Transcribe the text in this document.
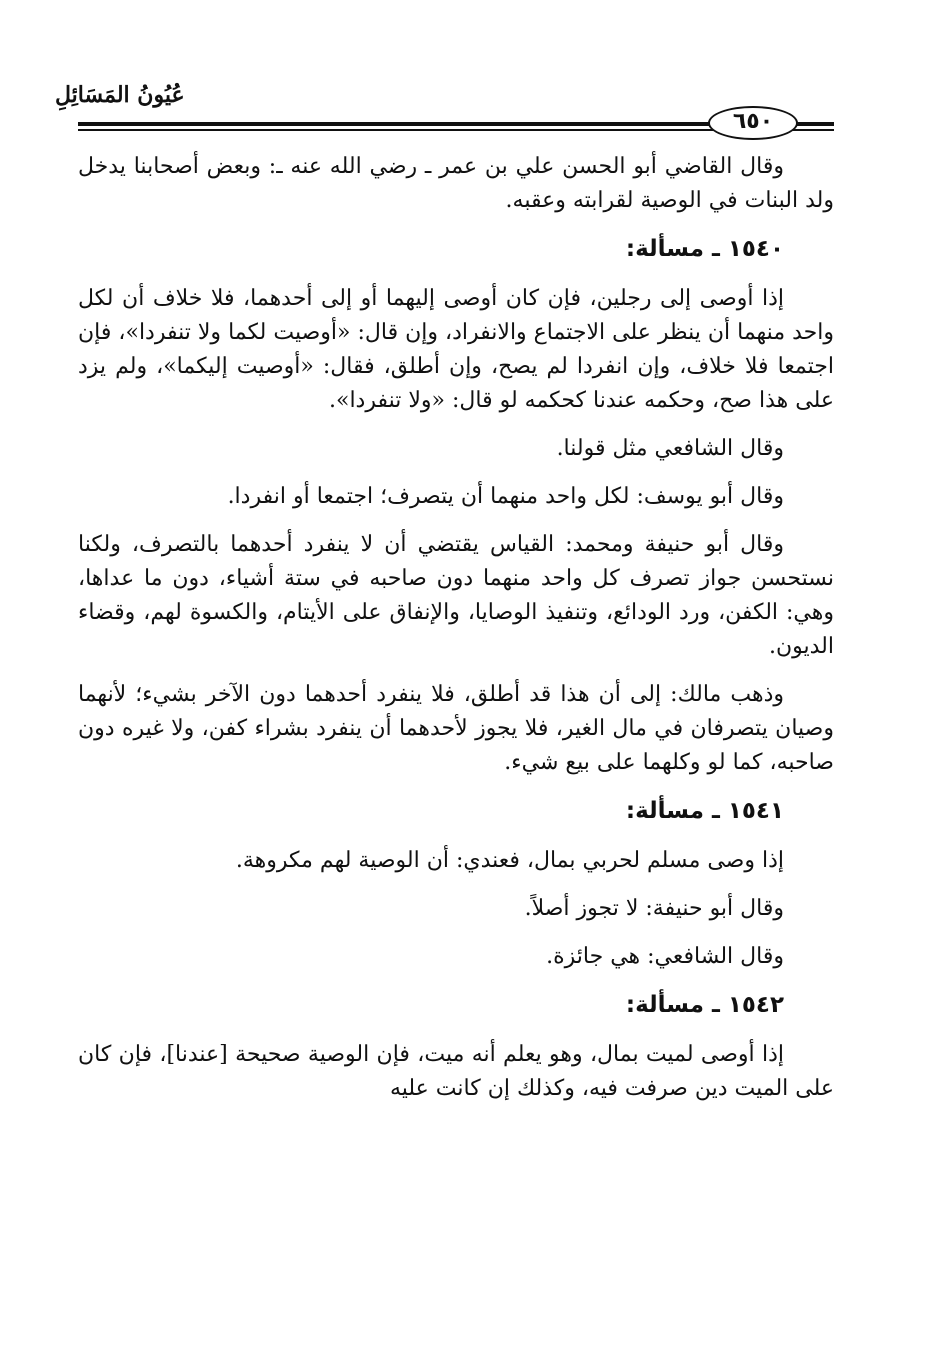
عُيُونُ المَسَائِلِ
٦٥٠

وقال القاضي أبو الحسن علي بن عمر ـ رضي الله عنه ـ: وبعض أصحابنا يدخل ولد البنات في الوصية لقرابته وعقبه.

١٥٤٠ ـ مسألة:

إذا أوصى إلى رجلين، فإن كان أوصى إليهما أو إلى أحدهما، فلا خلاف أن لكل واحد منهما أن ينظر على الاجتماع والانفراد، وإن قال: «أوصيت لكما ولا تنفردا»، فإن اجتمعا فلا خلاف، وإن انفردا لم يصح، وإن أطلق، فقال: «أوصيت إليكما»، ولم يزد على هذا صح، وحكمه عندنا كحكمه لو قال: «ولا تنفردا».

وقال الشافعي مثل قولنا.

وقال أبو يوسف: لكل واحد منهما أن يتصرف؛ اجتمعا أو انفردا.

وقال أبو حنيفة ومحمد: القياس يقتضي أن لا ينفرد أحدهما بالتصرف، ولكنا نستحسن جواز تصرف كل واحد منهما دون صاحبه في ستة أشياء، دون ما عداها، وهي: الكفن، ورد الودائع، وتنفيذ الوصايا، والإنفاق على الأيتام، والكسوة لهم، وقضاء الديون.

وذهب مالك: إلى أن هذا قد أطلق، فلا ينفرد أحدهما دون الآخر بشيء؛ لأنهما وصيان يتصرفان في مال الغير، فلا يجوز لأحدهما أن ينفرد بشراء كفن، ولا غيره دون صاحبه، كما لو وكلهما على بيع شيء.

١٥٤١ ـ مسألة:

إذا وصى مسلم لحربي بمال، فعندي: أن الوصية لهم مكروهة.

وقال أبو حنيفة: لا تجوز أصلاً.

وقال الشافعي: هي جائزة.

١٥٤٢ ـ مسألة:

إذا أوصى لميت بمال، وهو يعلم أنه ميت، فإن الوصية صحيحة [عندنا]، فإن كان على الميت دين صرفت فيه، وكذلك إن كانت عليه
